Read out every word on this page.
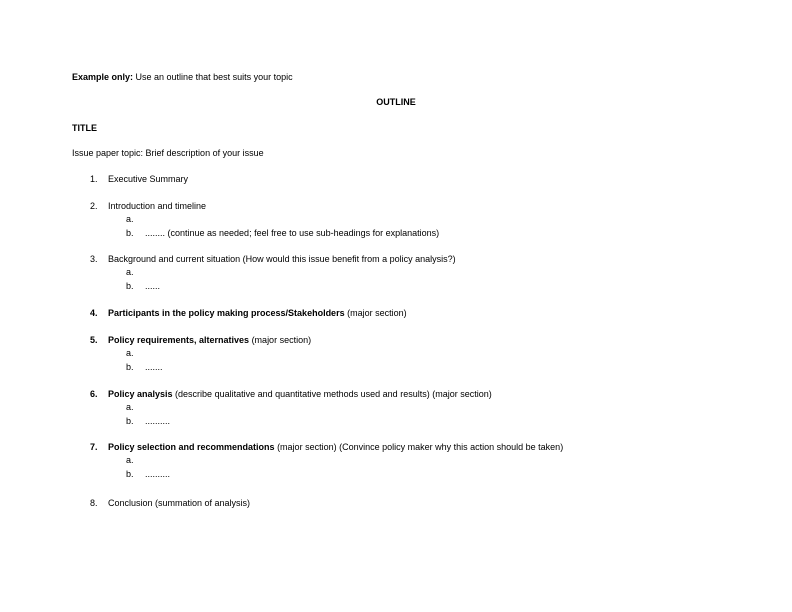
Example only: Use an outline that best suits your topic
OUTLINE
TITLE
Issue paper topic: Brief description of your issue
1. Executive Summary
2. Introduction and timeline
a.
b. ........ (continue as needed; feel free to use sub-headings for explanations)
3. Background and current situation (How would this issue benefit from a policy analysis?)
a.
b. ......
4. Participants in the policy making process/Stakeholders (major section)
5. Policy requirements, alternatives (major section)
a.
b. .......
6. Policy analysis (describe qualitative and quantitative methods used and results) (major section)
a.
b. ..........
7. Policy selection and recommendations (major section) (Convince policy maker why this action should be taken)
a.
b. ..........
8. Conclusion (summation of analysis)
